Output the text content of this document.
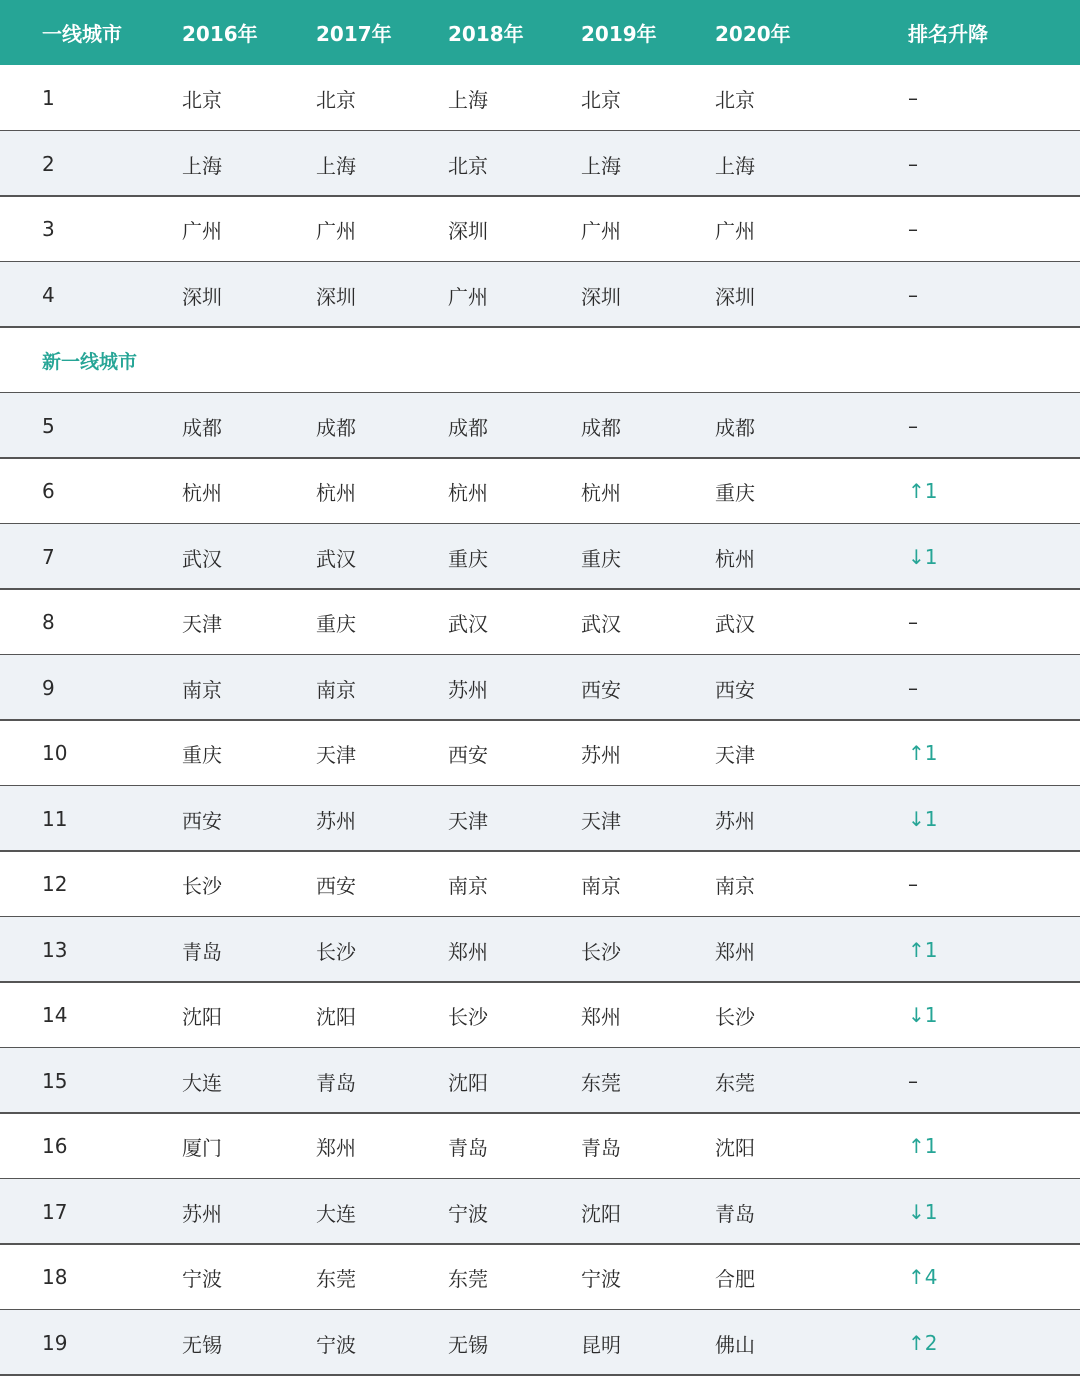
一线城市	2016年	2017年	2018年	2019年	2020年	排名升降
1	北京	北京	上海	北京	北京	–
2	上海	上海	北京	上海	上海	–
3	广州	广州	深圳	广州	广州	–
4	深圳	深圳	广州	深圳	深圳	–
新一线城市
5	成都	成都	成都	成都	成都	–
6	杭州	杭州	杭州	杭州	重庆	↑1
7	武汉	武汉	重庆	重庆	杭州	↓1
8	天津	重庆	武汉	武汉	武汉	–
9	南京	南京	苏州	西安	西安	–
10	重庆	天津	西安	苏州	天津	↑1
11	西安	苏州	天津	天津	苏州	↓1
12	长沙	西安	南京	南京	南京	–
13	青岛	长沙	郑州	长沙	郑州	↑1
14	沈阳	沈阳	长沙	郑州	长沙	↓1
15	大连	青岛	沈阳	东莞	东莞	–
16	厦门	郑州	青岛	青岛	沈阳	↑1
17	苏州	大连	宁波	沈阳	青岛	↓1
18	宁波	东莞	东莞	宁波	合肥	↑4
19	无锡	宁波	无锡	昆明	佛山	↑2
